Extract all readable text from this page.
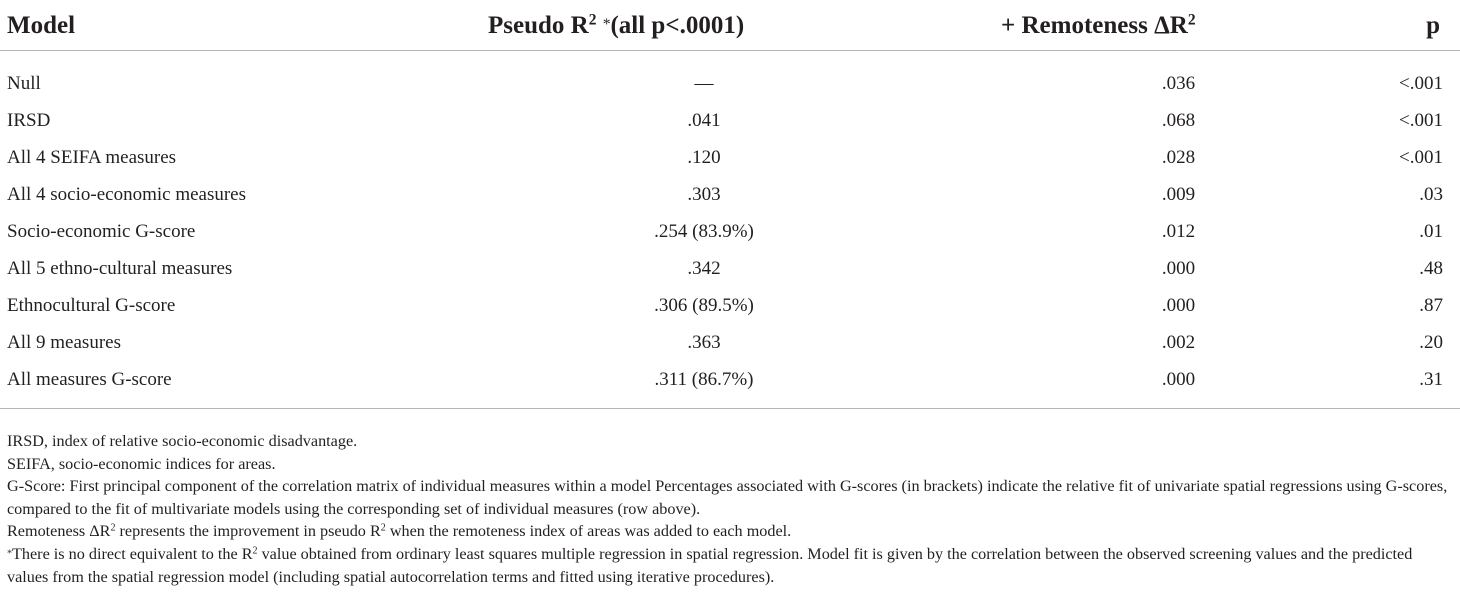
Model	Pseudo $R^2$ *(all p<.0001)	+ Remoteness $\Delta R^2$	p
Null	—	.036	<.001
IRSD	.041	.068	<.001
All 4 SEIFA measures	.120	.028	<.001
All 4 socio-economic measures	.303	.009	.03
Socio-economic G-score	.254 (83.9%)	.012	.01
All 5 ethno-cultural measures	.342	.000	.48
Ethnocultural G-score	.306 (89.5%)	.000	.87
All 9 measures	.363	.002	.20
All measures G-score	.311 (86.7%)	.000	.31

IRSD, index of relative socio-economic disadvantage.

SEIFA, socio-economic indices for areas.

G-Score: First principal component of the correlation matrix of individual measures within a model Percentages associated with G-scores (in brackets) indicate the relative fit of univariate spatial regressions using G-scores, compared to the fit of multivariate models using the corresponding set of individual measures (row above).

Remoteness $\Delta R^2$ represents the improvement in pseudo $R^2$ when the remoteness index of areas was added to each model.

*There is no direct equivalent to the $R^2$ value obtained from ordinary least squares multiple regression in spatial regression. Model fit is given by the correlation between the observed screening values and the predicted values from the spatial regression model (including spatial autocorrelation terms and fitted using iterative procedures).
